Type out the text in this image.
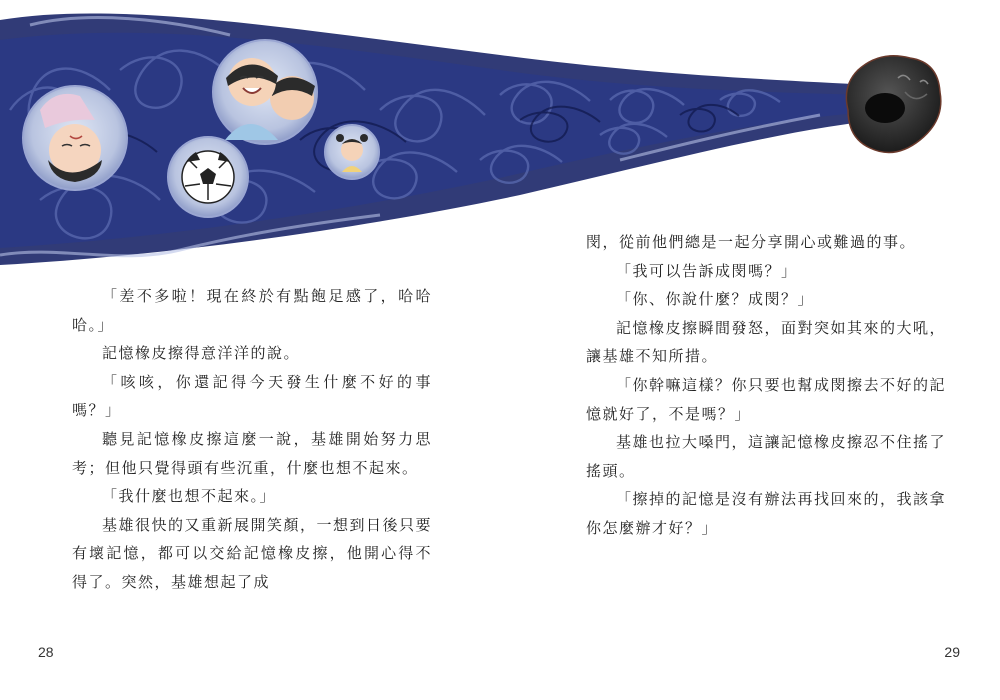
「差不多啦！現在終於有點飽足感了，哈哈哈。」

記憶橡皮擦得意洋洋的說。

「咳咳，你還記得今天發生什麼不好的事嗎？」

聽見記憶橡皮擦這麼一說，基雄開始努力思考；但他只覺得頭有些沉重，什麼也想不起來。

「我什麼也想不起來。」

基雄很快的又重新展開笑顏，一想到日後只要有壞記憶，都可以交給記憶橡皮擦，他開心得不得了。突然，基雄想起了成

閔，從前他們總是一起分享開心或難過的事。

「我可以告訴成閔嗎？」

「你、你說什麼？成閔？」

記憶橡皮擦瞬間發怒，面對突如其來的大吼，讓基雄不知所措。

「你幹嘛這樣？你只要也幫成閔擦去不好的記憶就好了，不是嗎？」

基雄也拉大嗓門，這讓記憶橡皮擦忍不住搖了搖頭。

「擦掉的記憶是沒有辦法再找回來的，我該拿你怎麼辦才好？」

28	29
